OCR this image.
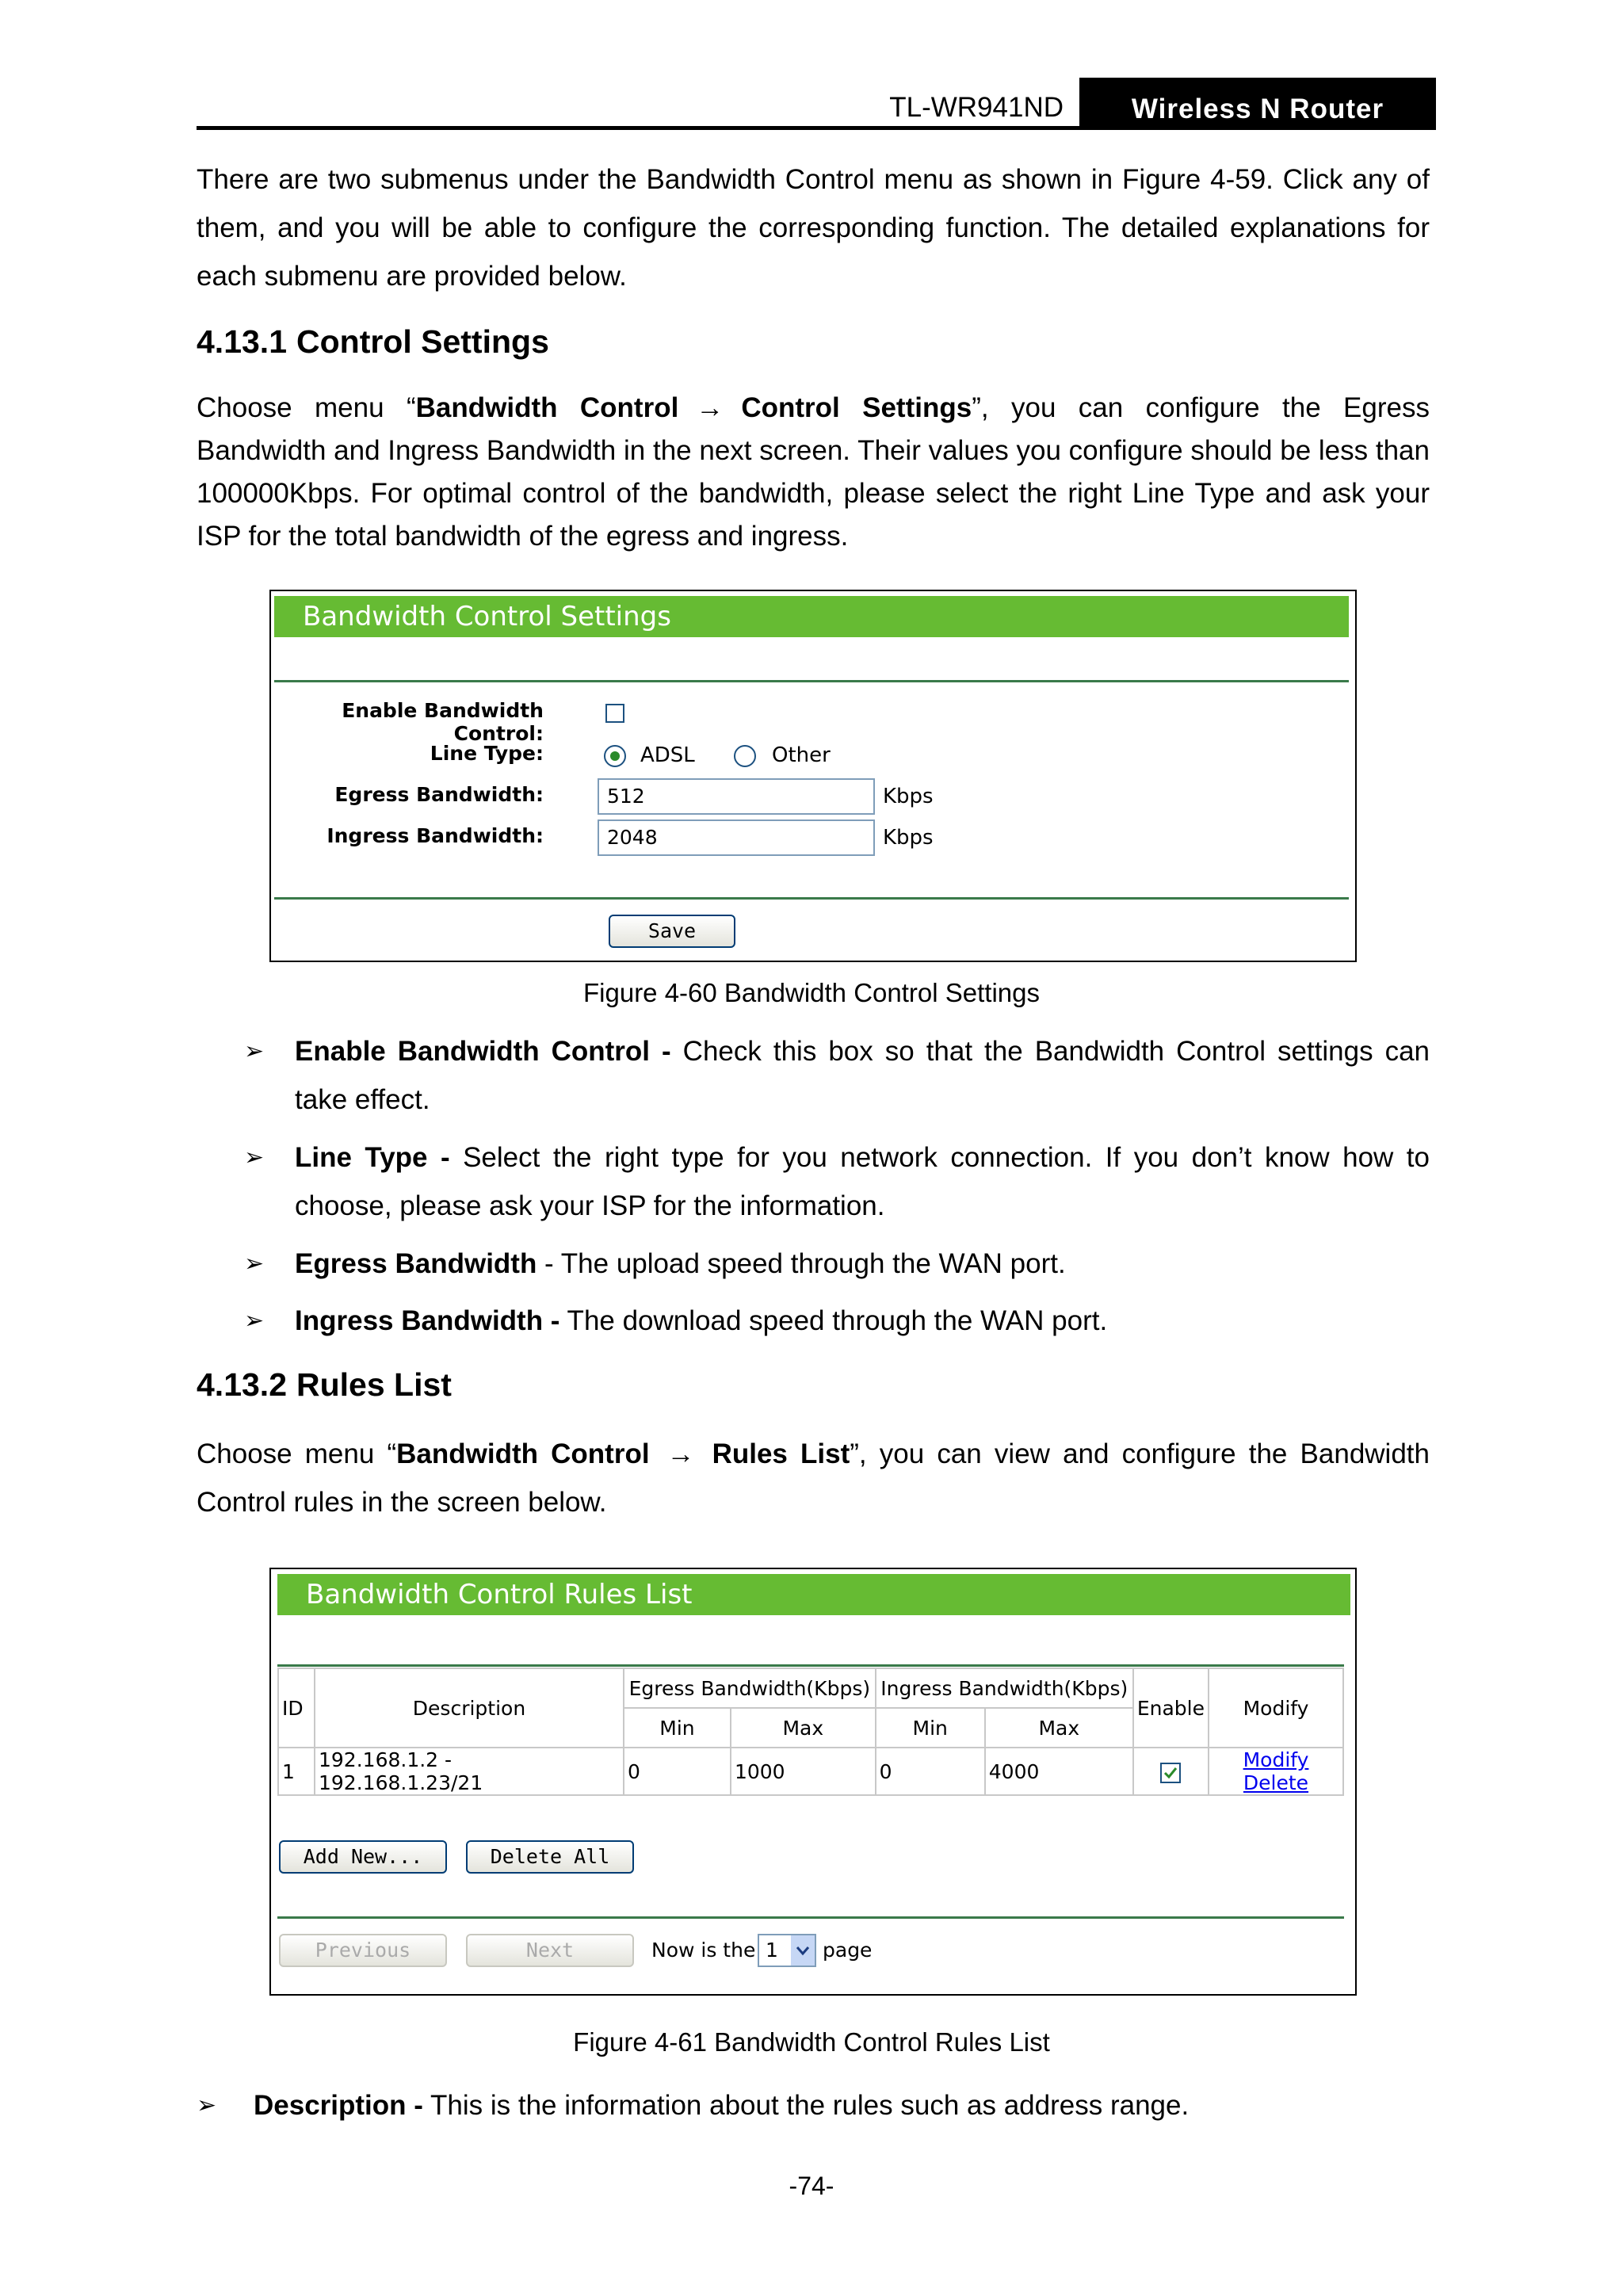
TL-WR941ND	Wireless N Router
There are two submenus under the Bandwidth Control menu as shown in Figure 4-59. Click any of them, and you will be able to configure the corresponding function. The detailed explanations for each submenu are provided below.
4.13.1 Control Settings
Choose menu “Bandwidth Control → Control Settings”, you can configure the Egress Bandwidth and Ingress Bandwidth in the next screen. Their values you configure should be less than 100000Kbps. For optimal control of the bandwidth, please select the right Line Type and ask your ISP for the total bandwidth of the egress and ingress.
Bandwidth Control Settings
Enable Bandwidth Control:
Line Type:	ADSL	Other
Egress Bandwidth:	512	Kbps
Ingress Bandwidth:	2048	Kbps
Save
Figure 4-60 Bandwidth Control Settings
➢	Enable Bandwidth Control - Check this box so that the Bandwidth Control settings can take effect.
➢	Line Type - Select the right type for you network connection. If you don’t know how to choose, please ask your ISP for the information.
➢	Egress Bandwidth - The upload speed through the WAN port.
➢	Ingress Bandwidth - The download speed through the WAN port.
4.13.2 Rules List
Choose menu “Bandwidth Control → Rules List”, you can view and configure the Bandwidth Control rules in the screen below.
Bandwidth Control Rules List
ID	Description	Egress Bandwidth(Kbps)		Ingress Bandwidth(Kbps)		Enable	Modify
		Min	Max	Min	Max		
1	192.168.1.2 - 192.168.1.23/21	0	1000	0	4000		Modify Delete
Add New...	Delete All
Previous	Next	Now is the 1	page
Figure 4-61 Bandwidth Control Rules List
➢	Description - This is the information about the rules such as address range.
-74-
